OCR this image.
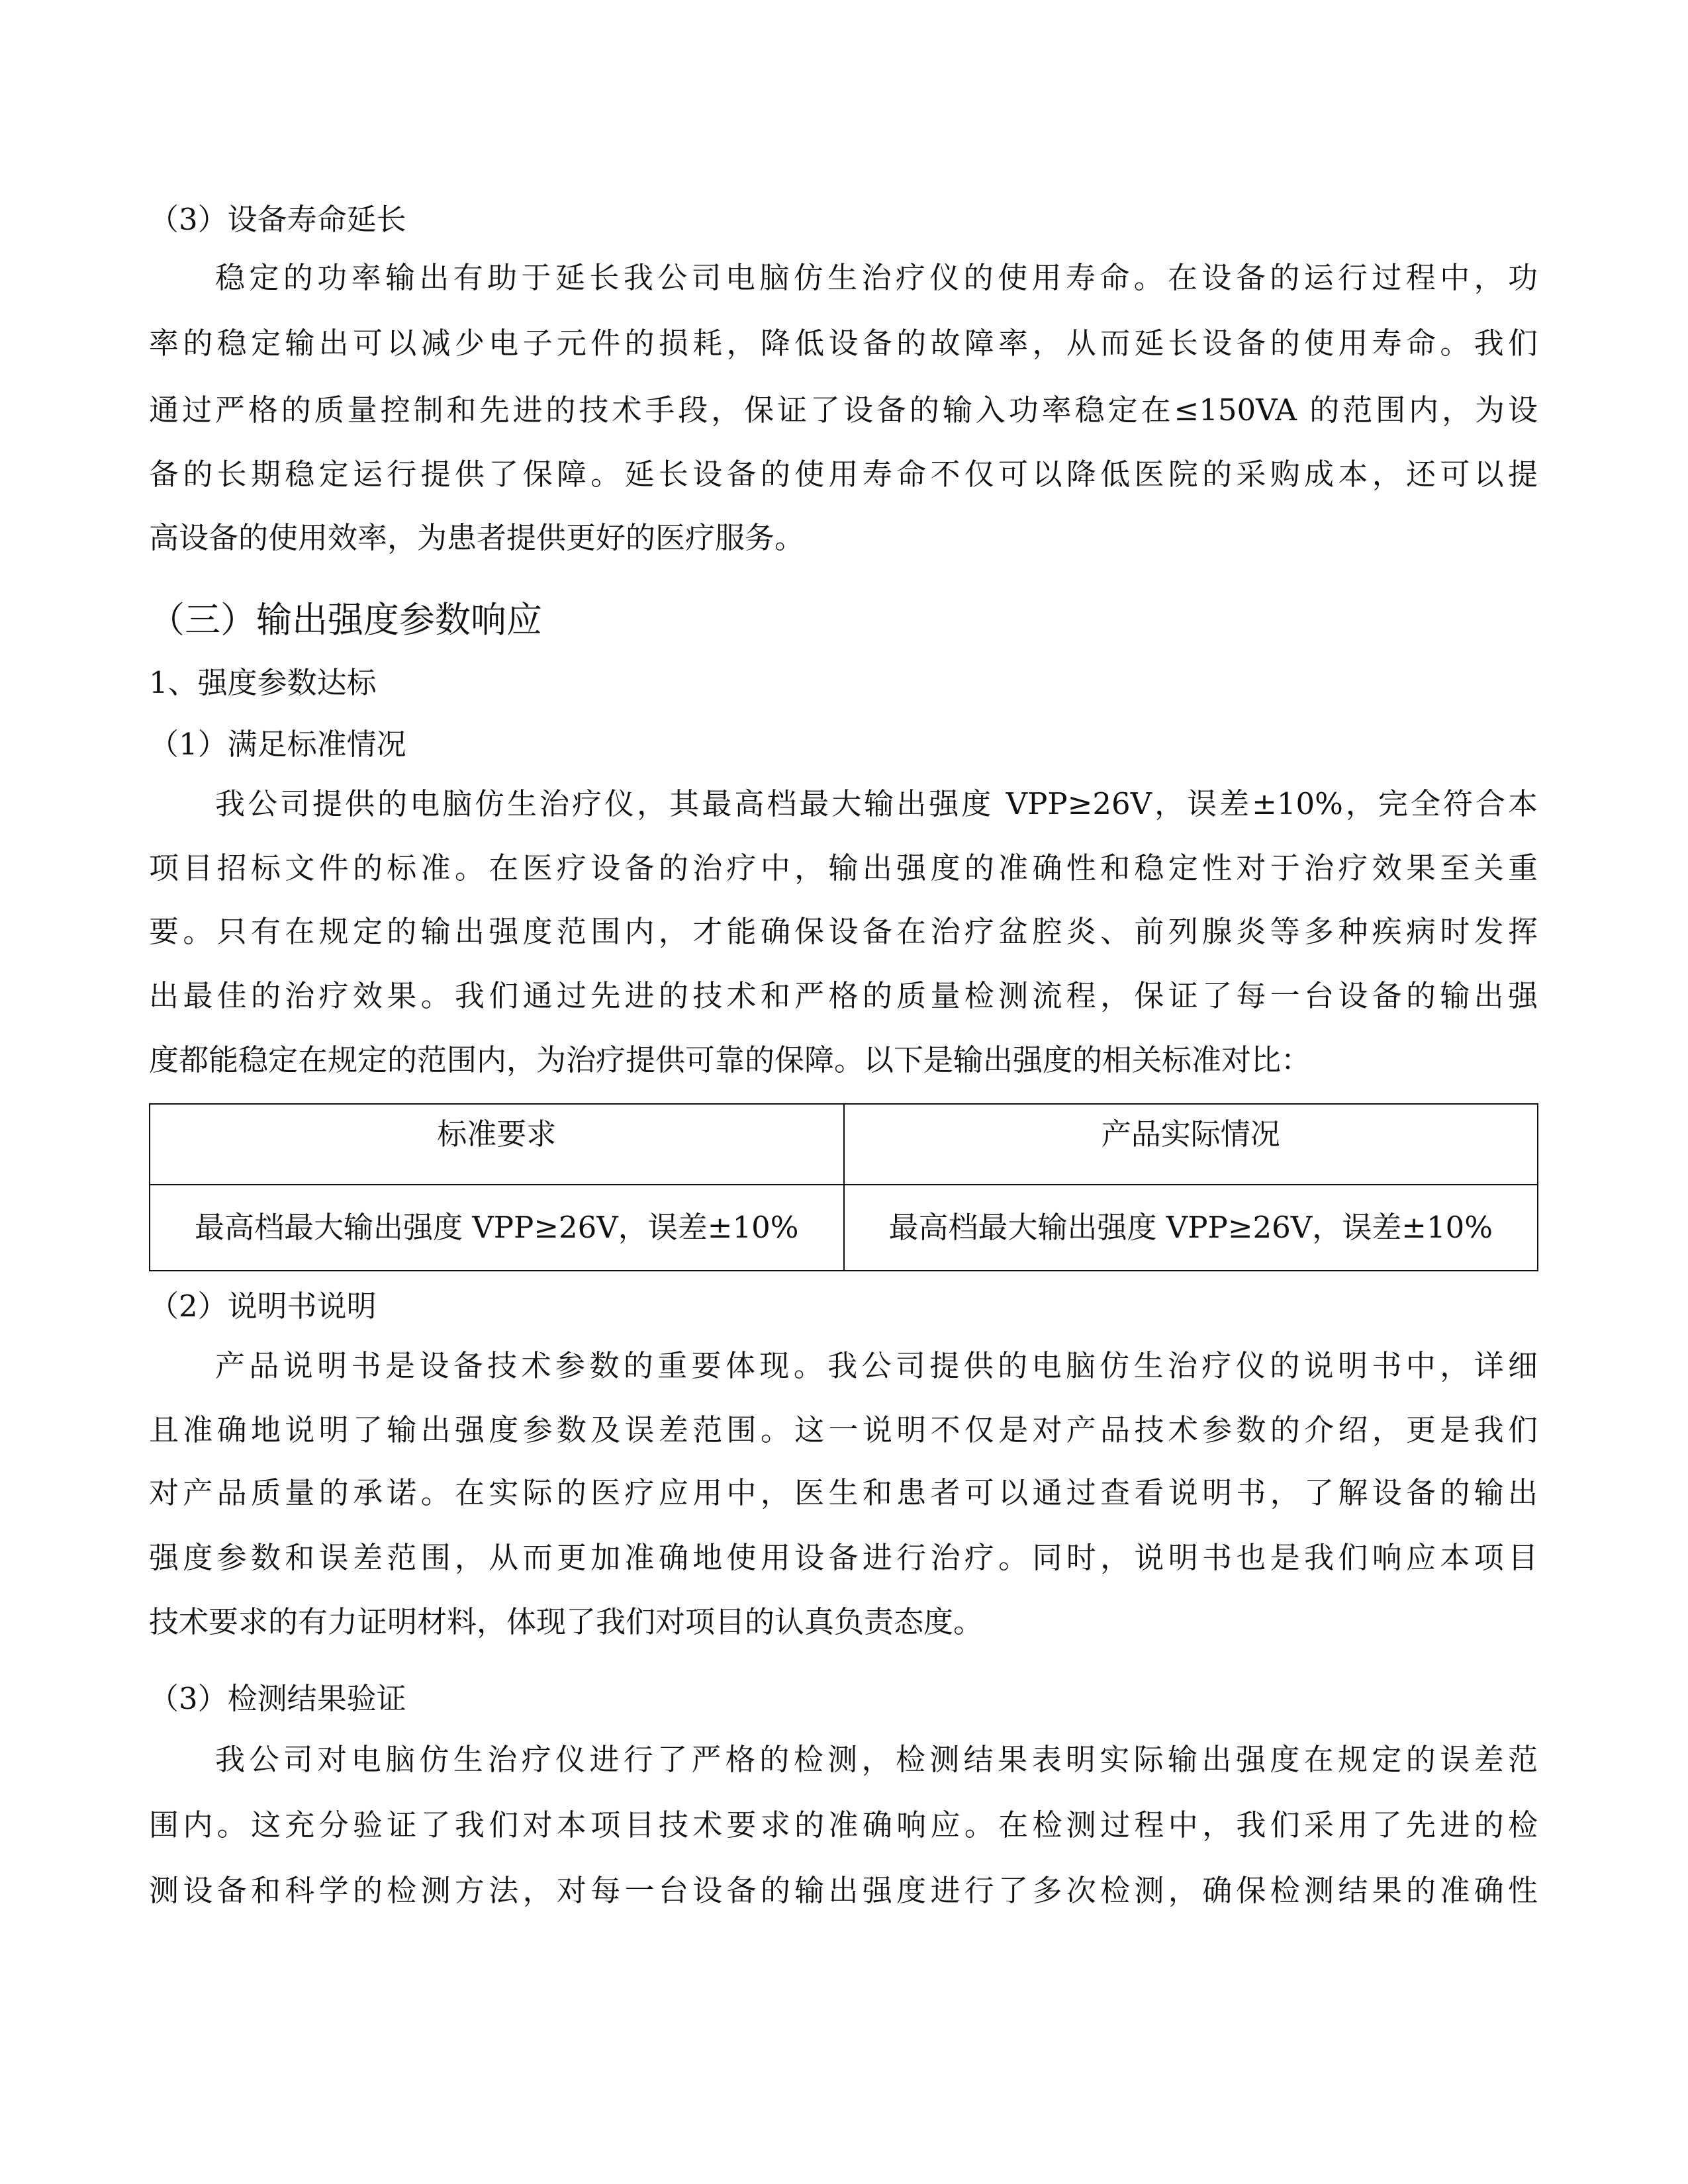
（3）设备寿命延长
稳定的功率输出有助于延长我公司电脑仿生治疗仪的使用寿命。在设备的运行过程中，功
率的稳定输出可以减少电子元件的损耗，降低设备的故障率，从而延长设备的使用寿命。我们
通过严格的质量控制和先进的技术手段，保证了设备的输入功率稳定在≤150VA 的范围内，为设
备的长期稳定运行提供了保障。延长设备的使用寿命不仅可以降低医院的采购成本，还可以提
高设备的使用效率，为患者提供更好的医疗服务。
（三）输出强度参数响应
1、强度参数达标
（1）满足标准情况
我公司提供的电脑仿生治疗仪，其最高档最大输出强度 VPP≥26V，误差±10%，完全符合本
项目招标文件的标准。在医疗设备的治疗中，输出强度的准确性和稳定性对于治疗效果至关重
要。只有在规定的输出强度范围内，才能确保设备在治疗盆腔炎、前列腺炎等多种疾病时发挥
出最佳的治疗效果。我们通过先进的技术和严格的质量检测流程，保证了每一台设备的输出强
度都能稳定在规定的范围内，为治疗提供可靠的保障。以下是输出强度的相关标准对比：
标准要求	产品实际情况
最高档最大输出强度 VPP≥26V，误差±10%	最高档最大输出强度 VPP≥26V，误差±10%
（2）说明书说明
产品说明书是设备技术参数的重要体现。我公司提供的电脑仿生治疗仪的说明书中，详细
且准确地说明了输出强度参数及误差范围。这一说明不仅是对产品技术参数的介绍，更是我们
对产品质量的承诺。在实际的医疗应用中，医生和患者可以通过查看说明书，了解设备的输出
强度参数和误差范围，从而更加准确地使用设备进行治疗。同时，说明书也是我们响应本项目
技术要求的有力证明材料，体现了我们对项目的认真负责态度。
（3）检测结果验证
我公司对电脑仿生治疗仪进行了严格的检测，检测结果表明实际输出强度在规定的误差范
围内。这充分验证了我们对本项目技术要求的准确响应。在检测过程中，我们采用了先进的检
测设备和科学的检测方法，对每一台设备的输出强度进行了多次检测，确保检测结果的准确性
